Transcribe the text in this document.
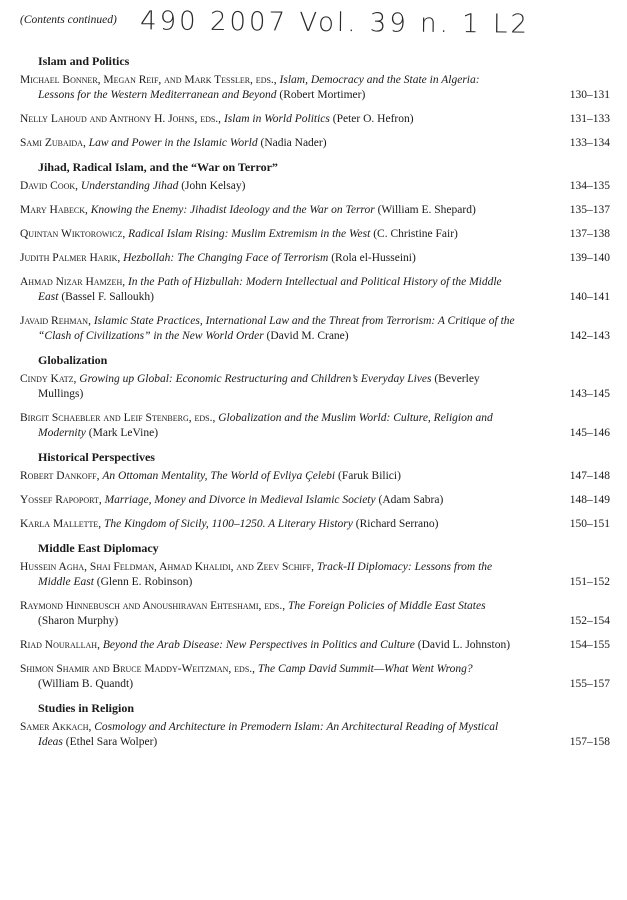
(Contents continued) 490 2007 Vol. 39 n. 1 L2
Islam and Politics
Michael Bonner, Megan Reif, and Mark Tessler, eds., Islam, Democracy and the State in Algeria: Lessons for the Western Mediterranean and Beyond (Robert Mortimer)	130–131
Nelly Lahoud and Anthony H. Johns, eds., Islam in World Politics (Peter O. Hefron)	131–133
Sami Zubaida, Law and Power in the Islamic World (Nadia Nader)	133–134
Jihad, Radical Islam, and the “War on Terror”
David Cook, Understanding Jihad (John Kelsay)	134–135
Mary Habeck, Knowing the Enemy: Jihadist Ideology and the War on Terror (William E. Shepard)	135–137
Quintan Wiktorowicz, Radical Islam Rising: Muslim Extremism in the West (C. Christine Fair)	137–138
Judith Palmer Harik, Hezbollah: The Changing Face of Terrorism (Rola el-Husseini)	139–140
Ahmad Nizar Hamzeh, In the Path of Hizbullah: Modern Intellectual and Political History of the Middle East (Bassel F. Salloukh)	140–141
Javaid Rehman, Islamic State Practices, International Law and the Threat from Terrorism: A Critique of the “Clash of Civilizations” in the New World Order (David M. Crane)	142–143
Globalization
Cindy Katz, Growing up Global: Economic Restructuring and Children’s Everyday Lives (Beverley Mullings)	143–145
Birgit Schaebler and Leif Stenberg, eds., Globalization and the Muslim World: Culture, Religion and Modernity (Mark LeVine)	145–146
Historical Perspectives
Robert Dankoff, An Ottoman Mentality, The World of Evliya Çelebi (Faruk Bilici)	147–148
Yossef Rapoport, Marriage, Money and Divorce in Medieval Islamic Society (Adam Sabra)	148–149
Karla Mallette, The Kingdom of Sicily, 1100–1250. A Literary History (Richard Serrano)	150–151
Middle East Diplomacy
Hussein Agha, Shai Feldman, Ahmad Khalidi, and Zeev Schiff, Track-II Diplomacy: Lessons from the Middle East (Glenn E. Robinson)	151–152
Raymond Hinnebusch and Anoushiravan Ehteshami, eds., The Foreign Policies of Middle East States (Sharon Murphy)	152–154
Riad Nourallah, Beyond the Arab Disease: New Perspectives in Politics and Culture (David L. Johnston)	154–155
Shimon Shamir and Bruce Maddy-Weitzman, eds., The Camp David Summit—What Went Wrong? (William B. Quandt)	155–157
Studies in Religion
Samer Akkach, Cosmology and Architecture in Premodern Islam: An Architectural Reading of Mystical Ideas (Ethel Sara Wolper)	157–158
